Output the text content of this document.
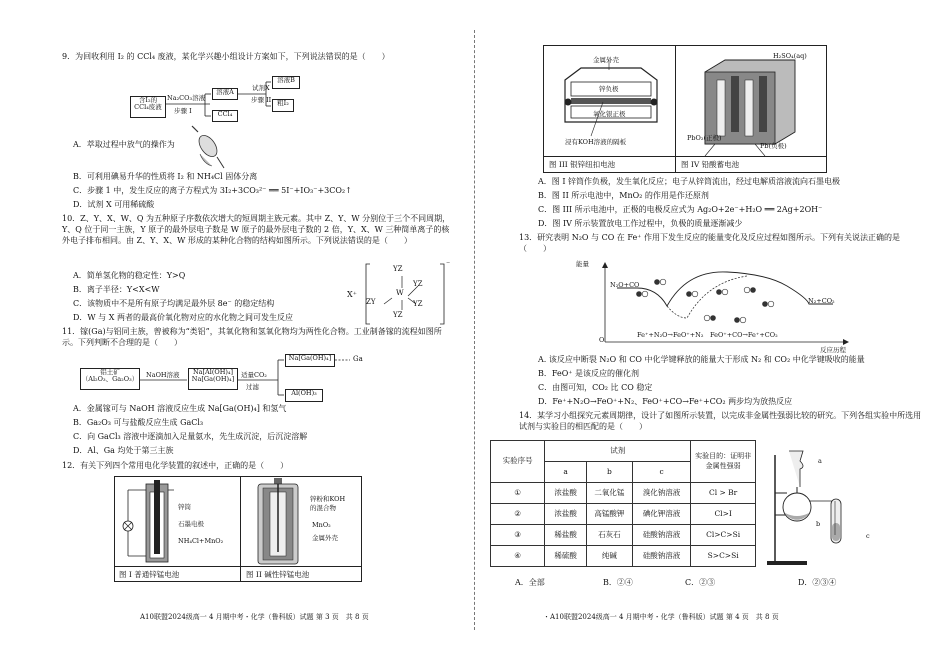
9．为回收利用 I₂ 的 CCl₄ 废液，某化学兴趣小组设计方案如下，下列说法错误的是（　　）
含I₂的
CCl₄废液
Na₂CO₃溶液
步骤 I
溶液A	试剂X
步骤 II
溶液B
粗I₂
CCl₄
A．萃取过程中放气的操作为
B．可利用碘易升华的性质将 I₂ 和 NH₄Cl 固体分离
C．步骤 1 中，发生反应的离子方程式为 3I₂+3CO₃²⁻ ══ 5I⁻+IO₃⁻+3CO₂↑
D．试剂 X 可用稀硫酸
10．Z、Y、X、W、Q 为五种原子序数依次增大的短周期主族元素。其中 Z、Y、W 分别位于三个不同周期，Y、Q 位于同一主族，Y 原子的最外层电子数是 W 原子的最外层电子数的 2 倍，Y、X、W 三种简单离子的核外电子排布相同。由 Z、Y、X、W 形成的某种化合物的结构如图所示。下列说法错误的是（　　）
A．简单氢化物的稳定性：Y>Q
B．离子半径：Y<X<W
C．该物质中不是所有原子均满足最外层 8e⁻ 的稳定结构
D．W 与 X 两者的最高价氧化物对应的水化物之间可发生反应
X⁺	W
YZ
YZ
ZY	YZ
YZ
⁻
11．镓(Ga)与铝同主族，曾被称为“类铝”，其氧化物和氢氧化物均为两性化合物。工业制备镓的流程如图所示。下列判断不合理的是（　　）
铝土矿
（Al₂O₃、Ga₂O₃）
NaOH溶液	Na[Al(OH)₄]
Na[Ga(OH)₄]
适量CO₂
过滤
Na[Ga(OH)₄]	Ga
Al(OH)₃
A．金属镓可与 NaOH 溶液反应生成 Na[Ga(OH)₄] 和氢气
B．Ga₂O₃ 可与盐酸反应生成 GaCl₃
C．向 GaCl₃ 溶液中逐滴加入足量氨水，先生成沉淀，后沉淀溶解
D．Al、Ga 均处于第三主族
12．有关下列四个常用电化学装置的叙述中，正确的是（　　）
锌筒
石墨电极
NH₄Cl+MnO₂
图 I 普通锌锰电池
锌粉和KOH
的混合物
MnO₂
金属外壳
图 II 碱性锌锰电池
A10联盟2024级高一 4 月期中考・化学（鲁科版）试题 第 3 页　共 8 页
金属外壳
锌负极
氧化银正极
浸有KOH溶液的隔板
图 III 银锌纽扣电池
H₂SO₄(aq)
PbO₂(正极)
Pb(负极)
图 IV 铅酸蓄电池
A．图 I 锌筒作负极，发生氧化反应；电子从锌筒流出，经过电解质溶液流向石墨电极
B．图 II 所示电池中，MnO₂ 的作用是作还原剂
C．图 III 所示电池中，正极的电极反应式为 Ag₂O+2e⁻+H₂O ══ 2Ag+2OH⁻
D．图 IV 所示装置放电工作过程中，负极的质量逐渐减少
13．研究表明 N₂O 与 CO 在 Fe⁺ 作用下发生反应的能量变化及反应过程如图所示。下列有关说法正确的是（　　）
能量
O
N₂O+CO
N₂+CO₂
Fe⁺+N₂O→FeO⁺+N₂　FeO⁺+CO→Fe⁺+CO₂
反应历程
A. 该反应中断裂 N₂O 和 CO 中化学键释放的能量大于形成 N₂ 和 CO₂ 中化学键吸收的能量
B．FeO⁺ 是该反应的催化剂
C．由图可知，CO₂ 比 CO 稳定
D．Fe⁺+N₂O→FeO⁺+N₂、FeO⁺+CO→Fe⁺+CO₂ 两步均为放热反应
14．某学习小组探究元素周期律，设计了如图所示装置，以完成非金属性强弱比较的研究。下列各组实验中所选用试剂与实验目的相匹配的是（　　）
实验序号	试剂			实验目的：证明非金属性强弱
	a	b	c	
①	浓盐酸	二氧化锰	溴化钠溶液	Cl > Br
②	浓盐酸	高锰酸钾	碘化钾溶液	Cl>I
③	稀盐酸	石灰石	硅酸钠溶液	Cl>C>Si
④	稀硫酸	纯碱	硅酸钠溶液	S>C>Si
a
b
c
A．全部	B．②④	C．②③	D．②③④
・A10联盟2024级高一 4 月期中考・化学（鲁科版）试题 第 4 页　共 8 页
